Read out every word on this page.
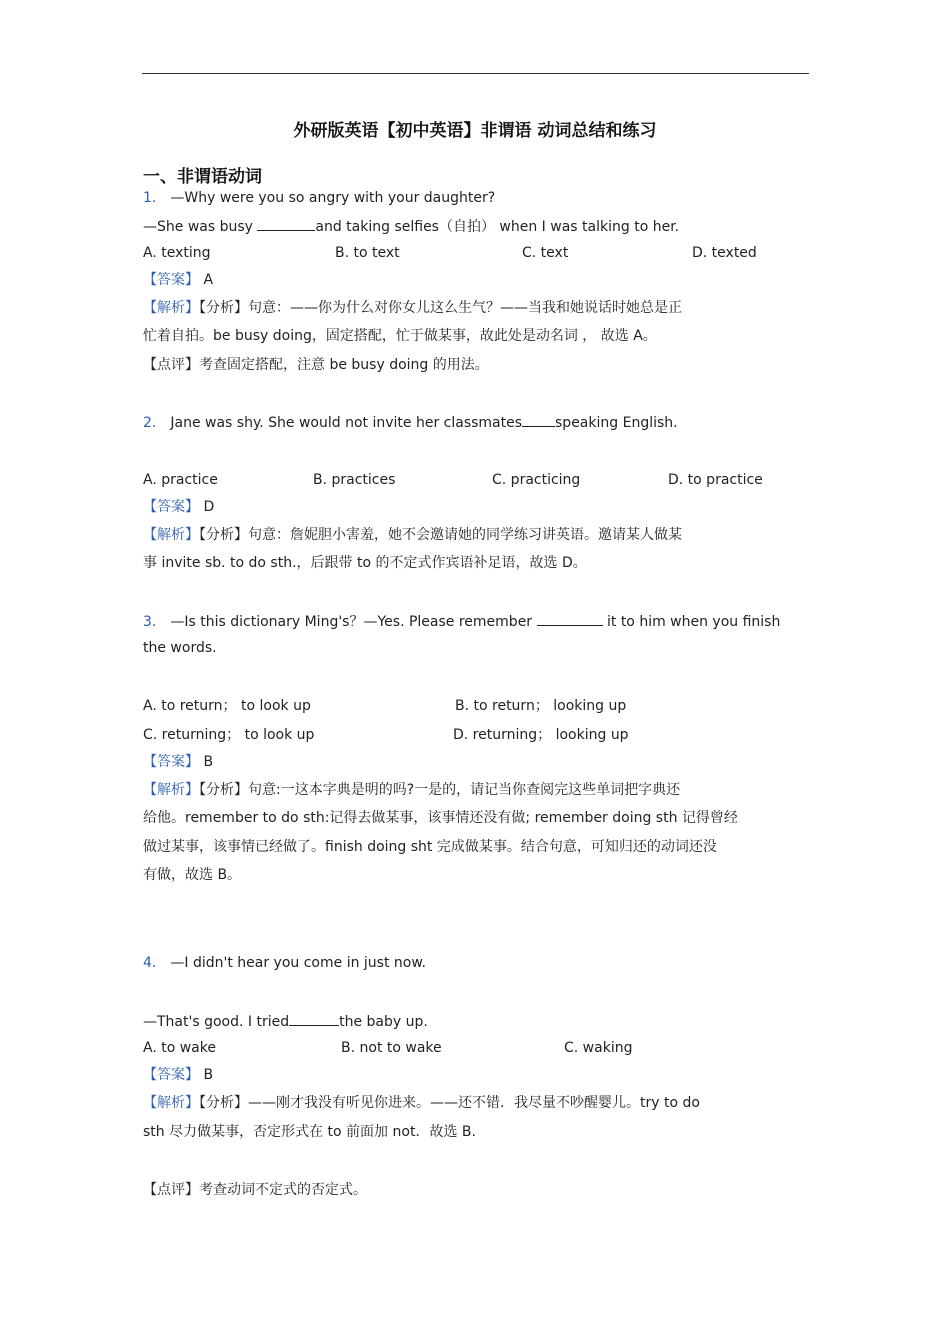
外研版英语【初中英语】非谓语 动词总结和练习
一、非谓语动词
1． —Why were you so angry with your daughter?
—She was busy	and taking selfies（自拍） when I was talking to her.
A. texting	B. to text	C. text	D. texted
【答案】 A
【解析】【分析】句意：——你为什么对你女儿这么生气？——当我和她说话时她总是正
忙着自拍。be busy doing，固定搭配，忙于做某事，故此处是动名词 ， 故选 A。
【点评】考查固定搭配，注意 be busy doing 的用法。
2． Jane was shy. She would not invite her classmates speaking English.
A. practice	B. practices	C. practicing	D. to practice
【答案】 D
【解析】【分析】句意：詹妮胆小害羞，她不会邀请她的同学练习讲英语。邀请某人做某
事 invite sb. to do sth.，后跟带 to 的不定式作宾语补足语，故选 D。
3． —Is this dictionary Ming's？—Yes. Please remember	it to him when you finish
the words.
A. to return； to look up	B. to return； looking up
C. returning； to look up	D. returning； looking up
【答案】 B
【解析】【分析】句意:一这本字典是明的吗?一是的，请记当你查阅完这些单词把字典还
给他。remember to do sth:记得去做某事，该事情还没有做; remember doing sth 记得曾经
做过某事，该事情已经做了。finish doing sht 完成做某事。结合句意，可知归还的动词还没
有做，故选 B。
4． —I didn't hear you come in just now.
—That's good. I tried	the baby up.
A. to wake	B. not to wake	C. waking
【答案】 B
【解析】【分析】——刚才我没有听见你进来。——还不错．我尽量不吵醒婴儿。try to do
sth 尽力做某事，否定形式在 to 前面加 not．故选 B.
【点评】考查动词不定式的否定式。
